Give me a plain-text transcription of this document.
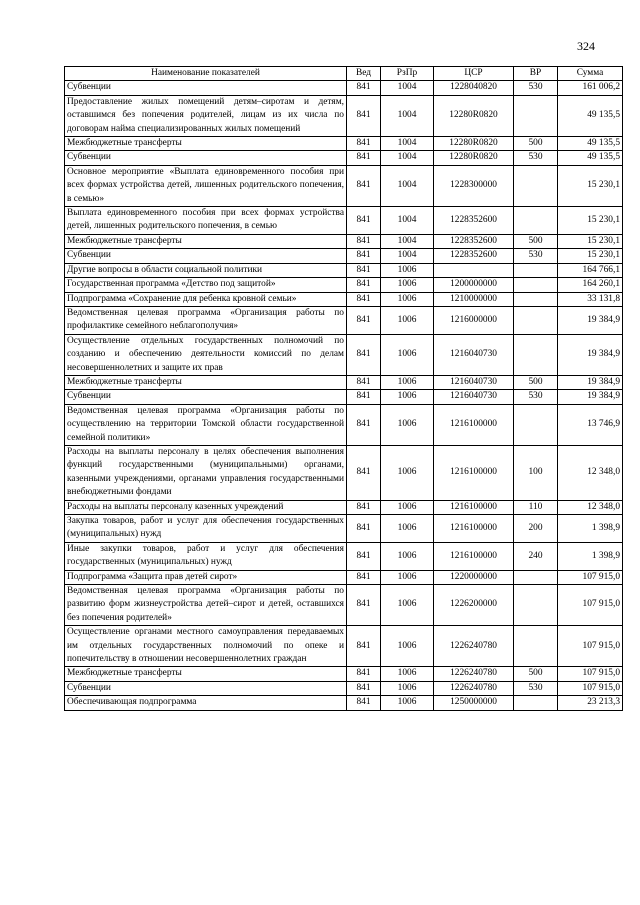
324
Наименование показателей	Вед	РзПр	ЦСР	ВР	Сумма
Субвенции	841	1004	1228040820	530	161 006,2
Предоставление жилых помещений детям–сиротам и детям, оставшимся без попечения родителей, лицам из их числа по договорам найма специализированных жилых помещений	841	1004	12280R0820		49 135,5
Межбюджетные трансферты	841	1004	12280R0820	500	49 135,5
Субвенции	841	1004	12280R0820	530	49 135,5
Основное мероприятие «Выплата единовременного пособия при всех формах устройства детей, лишенных родительского попечения, в семью»	841	1004	1228300000		15 230,1
Выплата единовременного пособия при всех формах устройства детей, лишенных родительского попечения, в семью	841	1004	1228352600		15 230,1
Межбюджетные трансферты	841	1004	1228352600	500	15 230,1
Субвенции	841	1004	1228352600	530	15 230,1
Другие вопросы в области социальной политики	841	1006			164 766,1
Государственная программа «Детство под защитой»	841	1006	1200000000		164 260,1
Подпрограмма «Сохранение для ребенка кровной семьи»	841	1006	1210000000		33 131,8
Ведомственная целевая программа «Организация работы по профилактике семейного неблагополучия»	841	1006	1216000000		19 384,9
Осуществление отдельных государственных полномочий по созданию и обеспечению деятельности комиссий по делам несовершеннолетних и защите их прав	841	1006	1216040730		19 384,9
Межбюджетные трансферты	841	1006	1216040730	500	19 384,9
Субвенции	841	1006	1216040730	530	19 384,9
Ведомственная целевая программа «Организация работы по осуществлению на территории Томской области государственной семейной политики»	841	1006	1216100000		13 746,9
Расходы на выплаты персоналу в целях обеспечения выполнения функций государственными (муниципальными) органами, казенными учреждениями, органами управления государственными внебюджетными фондами	841	1006	1216100000	100	12 348,0
Расходы на выплаты персоналу казенных учреждений	841	1006	1216100000	110	12 348,0
Закупка товаров, работ и услуг для обеспечения государственных (муниципальных) нужд	841	1006	1216100000	200	1 398,9
Иные закупки товаров, работ и услуг для обеспечения государственных (муниципальных) нужд	841	1006	1216100000	240	1 398,9
Подпрограмма «Защита прав детей сирот»	841	1006	1220000000		107 915,0
Ведомственная целевая программа «Организация работы по развитию форм жизнеустройства детей–сирот и детей, оставшихся без попечения родителей»	841	1006	1226200000		107 915,0
Осуществление органами местного самоуправления передаваемых им отдельных государственных полномочий по опеке и попечительству в отношении несовершеннолетних граждан	841	1006	1226240780		107 915,0
Межбюджетные трансферты	841	1006	1226240780	500	107 915,0
Субвенции	841	1006	1226240780	530	107 915,0
Обеспечивающая подпрограмма	841	1006	1250000000		23 213,3
